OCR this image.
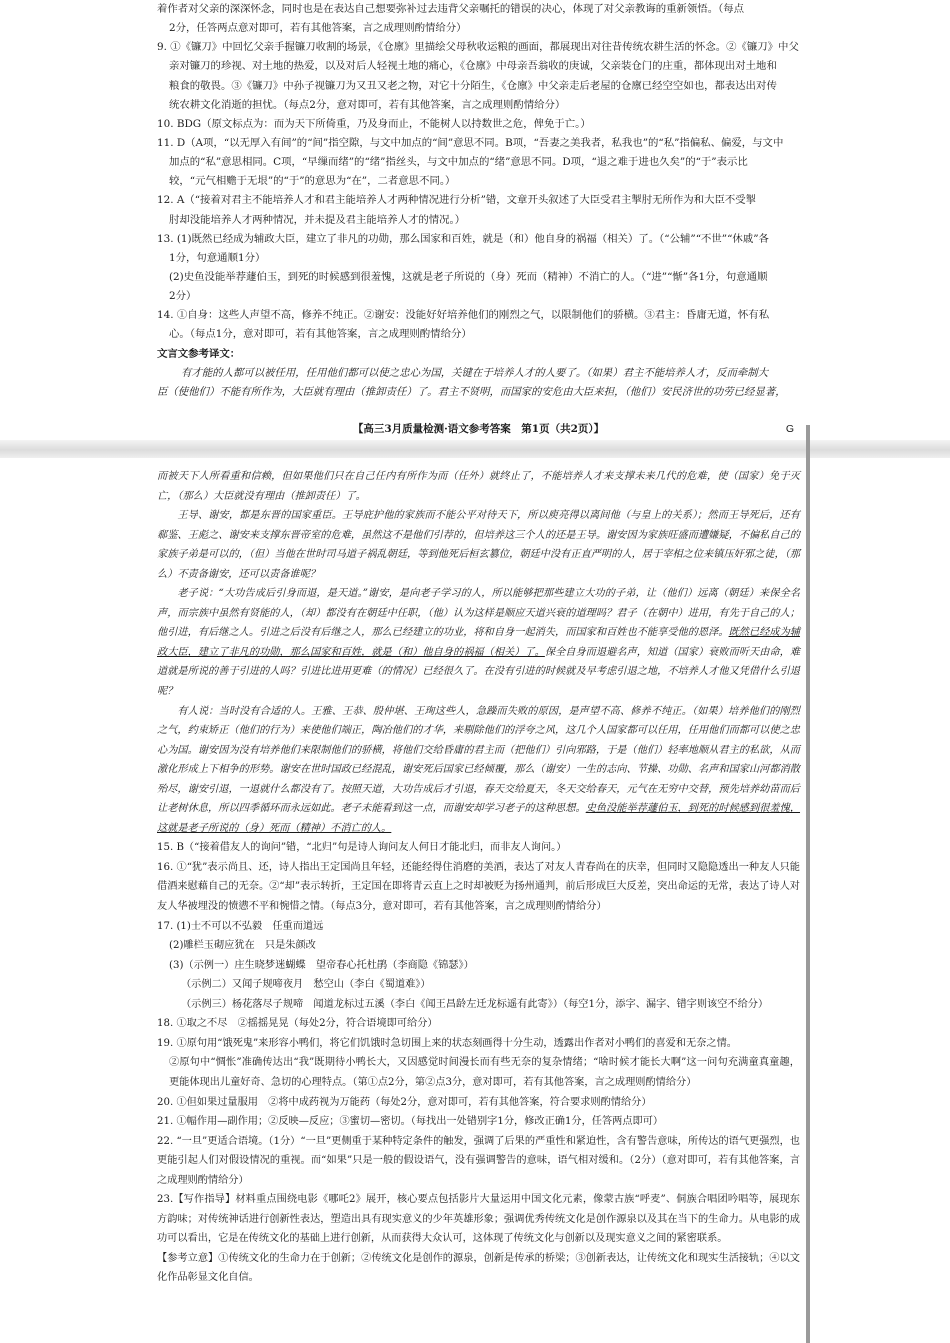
着作者对父亲的深深怀念，同时也是在表达自己想要弥补过去违背父亲嘱托的错误的决心，体现了对父亲教诲的重新领悟。（每点

2分，任答两点意对即可，若有其他答案，言之成理则酌情给分）

9. ①《镰刀》中回忆父亲手握镰刀收割的场景，《仓廪》里描绘父母秋收运粮的画面，都展现出对往昔传统农耕生活的怀念。②《镰刀》中父

亲对镰刀的珍视、对土地的热爱，以及对后人轻视土地的痛心，《仓廪》中母亲吾翁收的庚诚，父亲装仓门的庄重，都体现出对土地和

粮食的敬畏。③《镰刀》中孙子视镰刀为又丑又老之物，对它十分陌生，《仓廪》中父亲走后老屋的仓廪已经空空如也，都表达出对传

统农耕文化消逝的担忧。（每点2分，意对即可，若有其他答案，言之成理则酌情给分）

10. BDG（原文标点为：而为天下所倚重，乃及身而止，不能树人以持数世之危，俾免于亡。）

11. D（A项，“以无厚入有间”的“间”指空隙，与文中加点的“间”意思不同。B项，“吾妻之美我者，私我也”的“私”指偏私、偏爱，与文中

加点的“私”意思相同。C项，“早缫而绪”的“绪”指丝头，与文中加点的“绪”意思不同。D项，“退之难于进也久矣”的“于”表示比

较，“元气相赡于无垠”的“于”的意思为“在”，二者意思不同。）

12. A（“接着对君主不能培养人才和君主能培养人才两种情况进行分析”错，文章开头叙述了大臣受君主掣肘无所作为和大臣不受掣

肘却没能培养人才两种情况，并未提及君主能培养人才的情况。）

13. (1)既然已经成为辅政大臣，建立了非凡的功勋，那么国家和百姓，就是（和）他自身的祸福（相关）了。（“公辅”“不世”“休戚”各

1分，句意通顺1分）

(2)史鱼没能举荐蘧伯玉，到死的时候感到很羞愧，这就是老子所说的（身）死而（精神）不消亡的人。（“进”“惭”各1分，句意通顺

2分）

14. ①自身：这些人声望不高，修养不纯正。②谢安：没能好好培养他们的刚烈之气，以限制他们的骄横。③君主：昏庸无道，怀有私

心。（每点1分，意对即可，若有其他答案，言之成理则酌情给分）

文言文参考译文：

有才能的人都可以被任用，任用他们都可以使之忠心为国，关键在于培养人才的人要了。（如果）君主不能培养人才，反而牵制大

臣（使他们）不能有所作为，大臣就有理由（推卸责任）了。君主不贤明，而国家的安危由大臣来担，（他们）安民济世的功劳已经显著，

【高三3月质量检测·语文参考答案　第1页（共2页）】	G

而被天下人所看重和信赖，但如果他们只在自己任内有所作为而（任外）就终止了，不能培养人才来支撑未来几代的危难，使（国家）免于灭亡，（那么）大臣就没有理由（推卸责任）了。

王导、谢安，都是东晋的国家重臣。王导庇护他的家族而不能公平对待天下，所以庾亮得以离间他（与皇上的关系）；然而王导死后，还有郗鉴、王彪之、谢安来支撑东晋帝室的危难，虽然这不是他们引荐的，但培养这三个人的还是王导。谢安因为家族旺盛而遭嫌疑，不偏私自己的家族子弟是可以的，（但）当他在世时司马道子祸乱朝廷，等到他死后桓玄篡位，朝廷中没有正直严明的人，居于宰相之位来镇压奸邪之徒，（那么）不责备谢安，还可以责备谁呢？

老子说：“大功告成后引身而退，是天道。”谢安，是向老子学习的人，所以能够把那些建立大功的子弟，让（他们）远离（朝廷）来保全名声，而宗族中虽然有贤能的人，（却）都没有在朝廷中任职，（他）认为这样是顺应天道兴衰的道理吗？君子（在朝中）进用，有先于自己的人；他引进，有后继之人。引进之后没有后继之人，那么已经建立的功业，将和自身一起消失，而国家和百姓也不能享受他的恩泽。既然已经成为辅政大臣，建立了非凡的功勋，那么国家和百姓，就是（和）他自身的祸福（相关）了。保全自身而退避名声，知道（国家）衰败而听天由命，难道就是所说的善于引进的人吗？引进比进用更难（的情况）已经很久了。在没有引进的时候就及早考虑引退之地，不培养人才他又凭借什么引退呢？

有人说：当时没有合适的人。王雅、王恭、殷仲堪、王珣这些人，急躁而失败的原因，是声望不高、修养不纯正。（如果）培养他们的刚烈之气，约束矫正（他们的行为）来使他们端正，陶冶他们的才华，来剔除他们的浮夸之风，这几个人国家都可以任用，任用他们而都可以使之忠心为国。谢安因为没有培养他们来限制他们的骄横，将他们交给昏庸的君主而（把他们）引向邪路，于是（他们）轻率地顺从君主的私欲，从而激化形成上下相争的形势。谢安在世时国政已经混乱，谢安死后国家已经倾覆，那么（谢安）一生的志向、节操、功勋、名声和国家山河都消散殆尽，谢安引退，一退就什么都没有了。按照天道，大功告成后才引退，春天交给夏天，冬天交给春天，元气在无穷中交替，预先培养幼苗而后让老树休息，所以四季循环而永远如此。老子未能看到这一点，而谢安却学习老子的这种思想。史鱼没能举荐蘧伯玉，到死的时候感到很羞愧，这就是老子所说的（身）死而（精神）不消亡的人。

15. B（“接着借友人的询问”错，“北归”句是诗人询问友人何日才能北归，而非友人询问。）

16. ①“犹”表示尚且、还，诗人指出王定国尚且年轻，还能经得住消磨的美酒，表达了对友人青春尚在的庆幸，但同时又隐隐透出一种友人只能借酒来慰藉自己的无奈。②“却”表示转折，王定国在即将青云直上之时却被贬为扬州通判，前后形成巨大反差，突出命运的无常，表达了诗人对友人华被埋没的愤懑不平和惋惜之情。（每点3分，意对即可，若有其他答案，言之成理则酌情给分）

17. (1)士不可以不弘毅　任重而道远

(2)雕栏玉砌应犹在　只是朱颜改

(3)（示例一）庄生晓梦迷蝴蝶　望帝春心托杜鹃（李商隐《锦瑟》）

（示例二）又闻子规啼夜月　愁空山（李白《蜀道难》）

（示例三）杨花落尽子规啼　闻道龙标过五溪（李白《闻王昌龄左迁龙标遥有此寄》）（每空1分，添字、漏字、错字则该空不给分）

18. ①取之不尽　②摇摇晃晃（每处2分，符合语境即可给分）

19. ①原句用“饿死鬼”来形容小鸭们，将它们饥饿时急切围上来的状态刻画得十分生动，透露出作者对小鸭们的喜爱和无奈之情。

②原句中“惆怅”准确传达出“我”既期待小鸭长大，又因感觉时间漫长而有些无奈的复杂情绪；“啥时候才能长大啊”这一问句充满童真童趣，更能体现出儿童好奇、急切的心理特点。（第①点2分，第②点3分，意对即可，若有其他答案，言之成理则酌情给分）

20. ①但如果过量服用　②将中成药视为万能药（每处2分，意对即可，若有其他答案，符合要求则酌情给分）

21. ①幅作用—副作用；②反映—反应；③蜜切—密切。（每找出一处错别字1分，修改正确1分，任答两点即可）

22. “一旦”更适合语境。（1分）“一旦”更侧重于某种特定条件的触发，强调了后果的严重性和紧迫性，含有警告意味，所传达的语气更强烈，也更能引起人们对假设情况的重视。而“如果”只是一般的假设语气，没有强调警告的意味，语气相对缓和。（2分）（意对即可，若有其他答案，言之成理则酌情给分）

23.【写作指导】材料重点围绕电影《哪吒2》展开，核心要点包括影片大量运用中国文化元素，像蒙古族“呼麦”、侗族合唱团吟唱等，展现东方韵味；对传统神话进行创新性表达，塑造出具有现实意义的少年英雄形象；强调优秀传统文化是创作源泉以及其在当下的生命力。从电影的成功可以看出，它是在传统文化的基础上进行创新，从而获得大众认可，这体现了传统文化与创新以及现实意义之间的紧密联系。

【参考立意】①传统文化的生命力在于创新；②传统文化是创作的源泉，创新是传承的桥梁；③创新表达，让传统文化和现实生活接轨；④以文化作品彰显文化自信。
